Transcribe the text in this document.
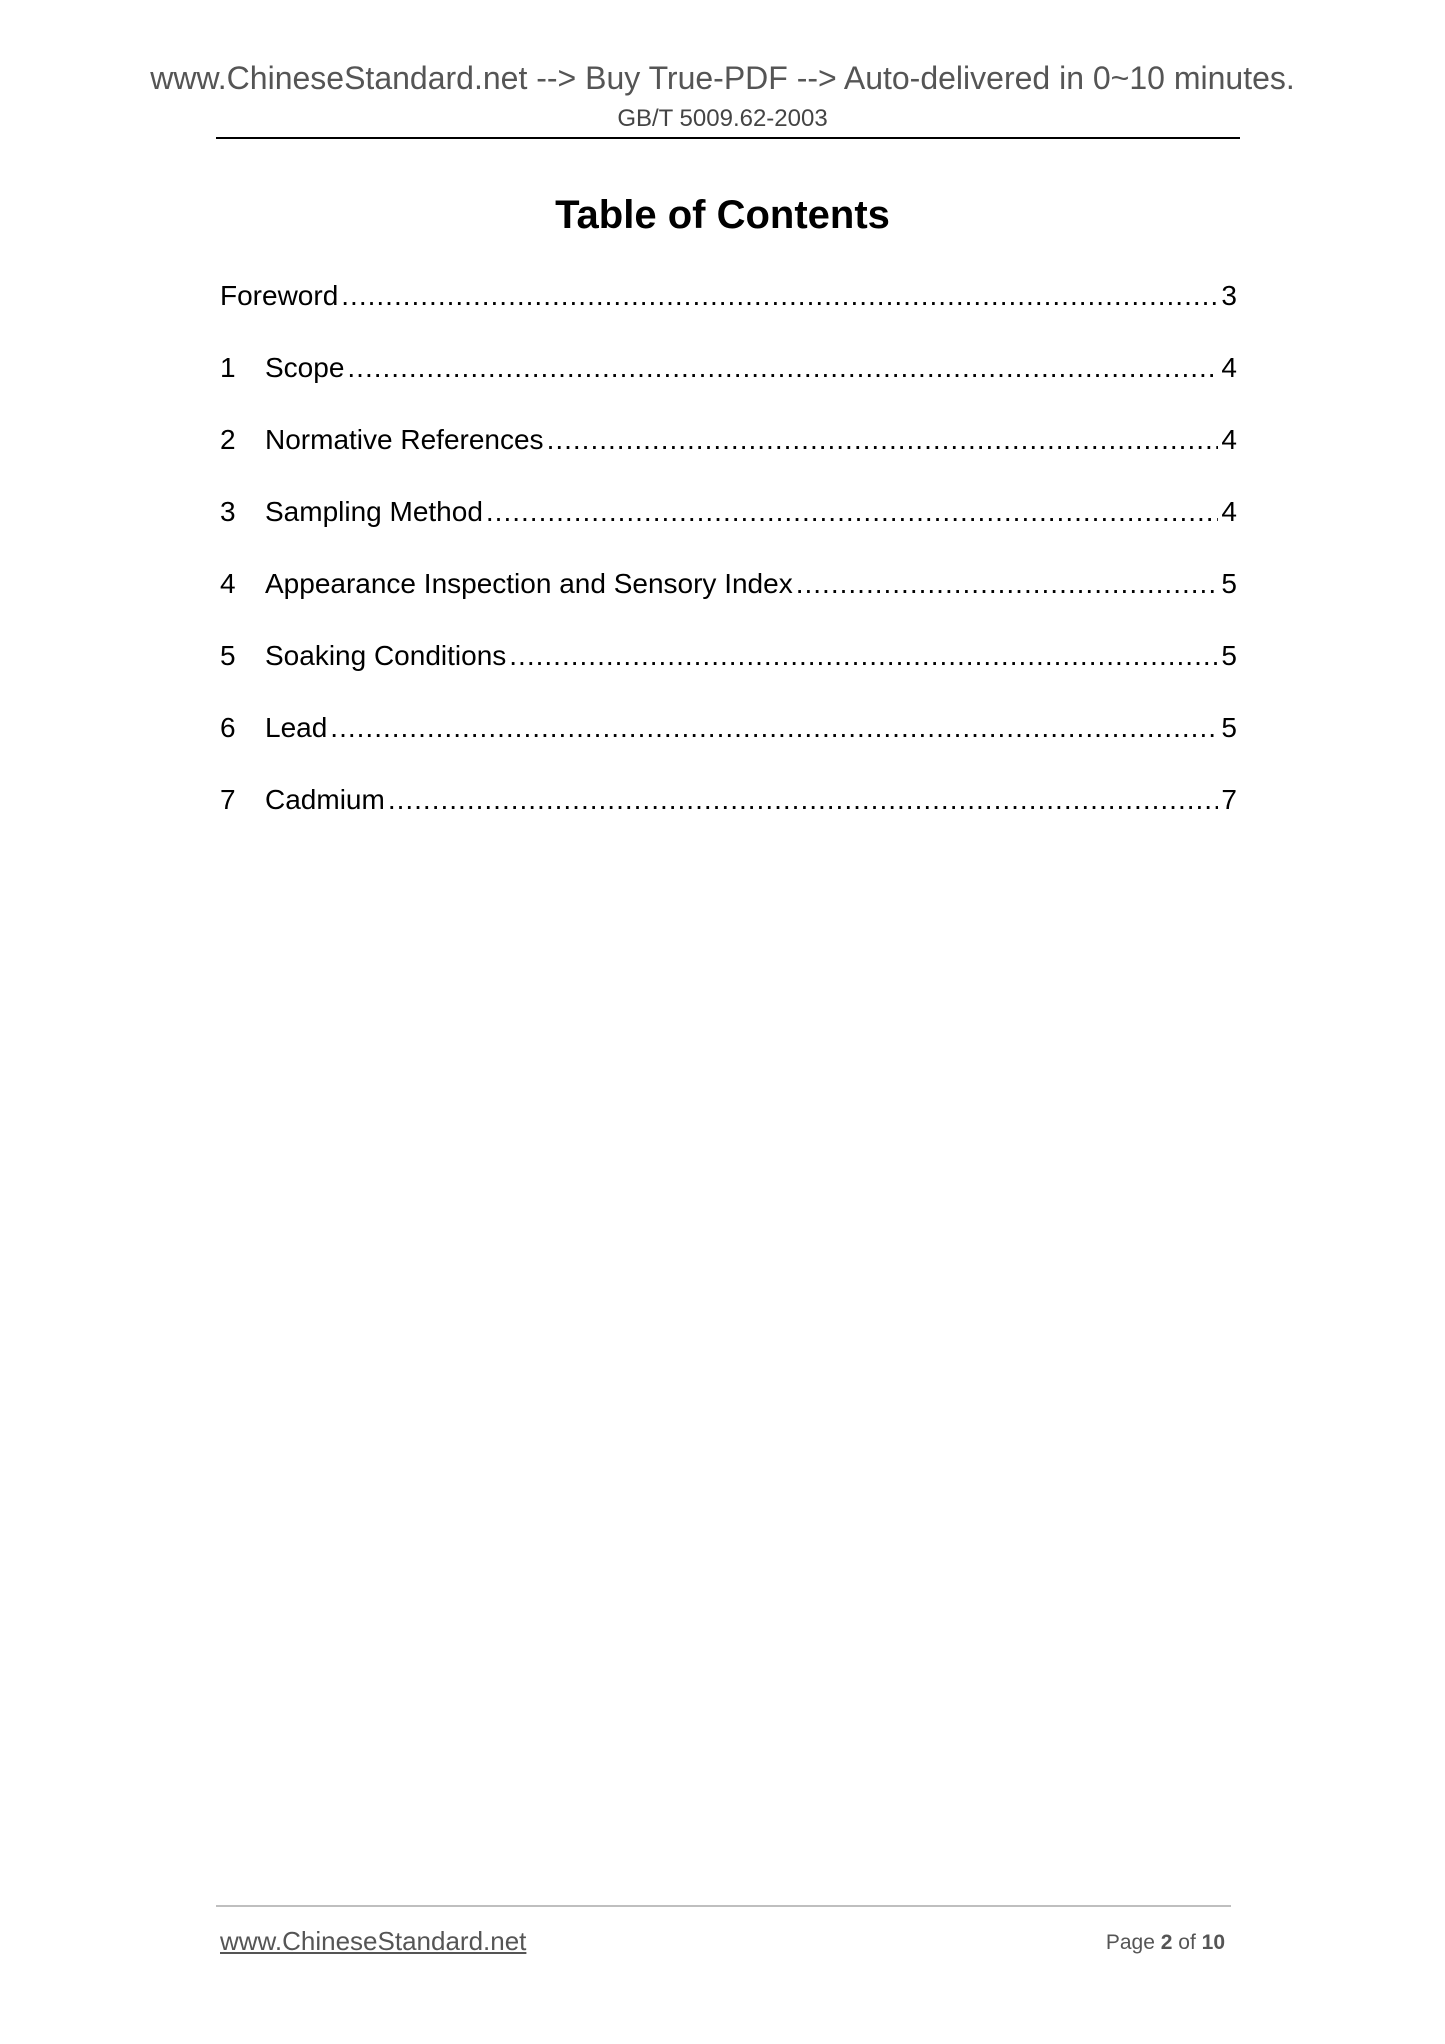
www.ChineseStandard.net --> Buy True-PDF --> Auto-delivered in 0~10 minutes.
GB/T 5009.62-2003
Table of Contents
Foreword .....	3
1	Scope .....	4
2	Normative References .....	4
3	Sampling Method .....	4
4	Appearance Inspection and Sensory Index .....	5
5	Soaking Conditions .....	5
6	Lead .....	5
7	Cadmium .....	7
www.ChineseStandard.net	Page 2 of 10
